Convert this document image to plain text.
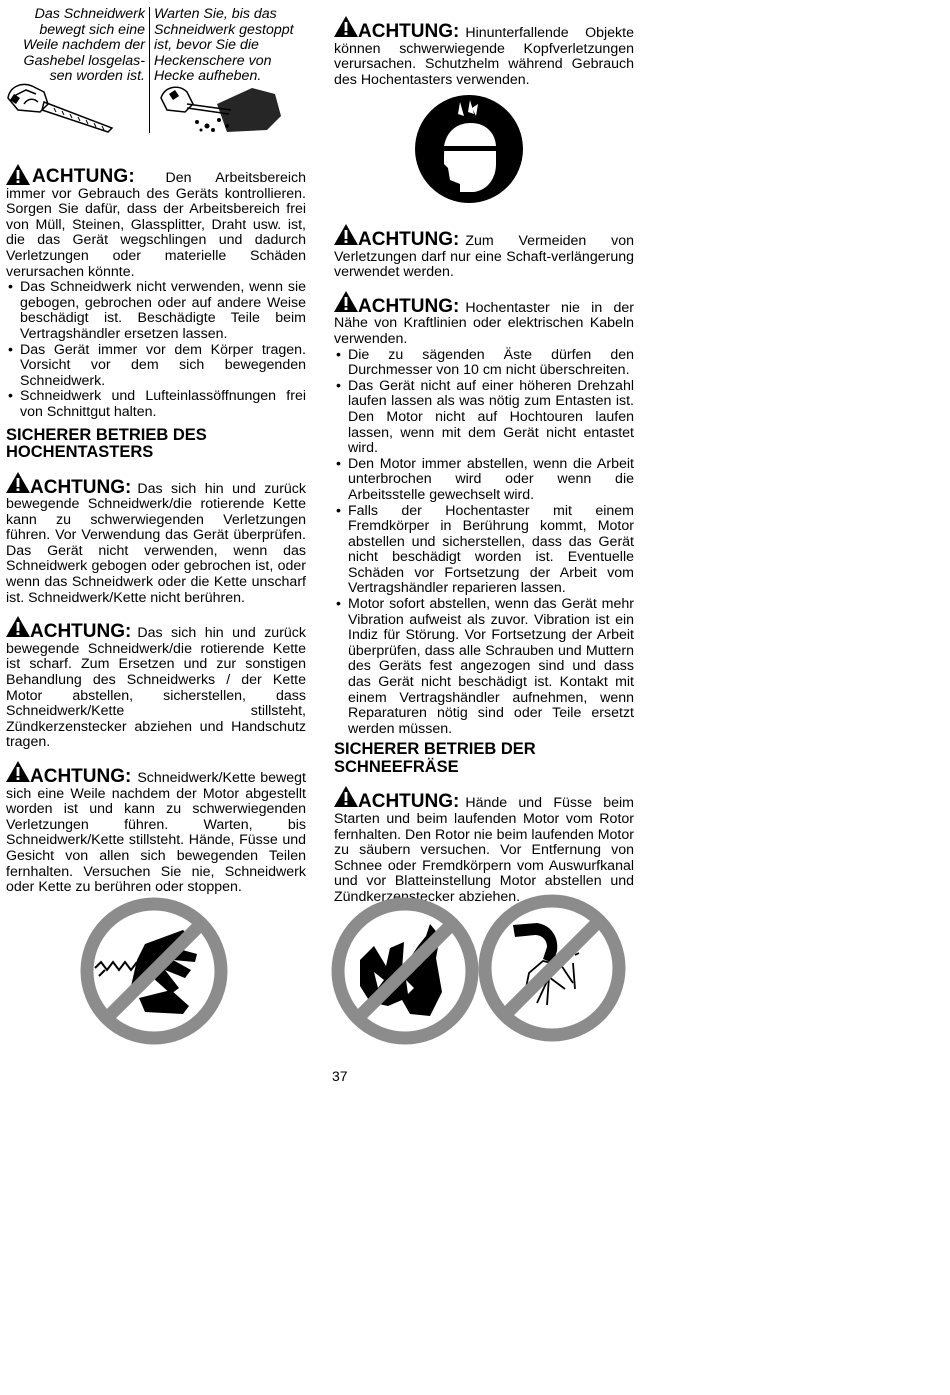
Das Schneidwerk
bewegt sich eine
Weile nachdem der
Gashebel losgelas-
sen worden ist.
Warten Sie, bis das
Schneidwerk gestoppt
ist, bevor Sie die
Heckenschere von
Hecke aufheben.
ACHTUNG: Den Arbeitsbereich immer vor Gebrauch des Geräts kontrollieren. Sorgen Sie dafür, dass der Arbeitsbereich frei von Müll, Steinen, Glassplitter, Draht usw. ist, die das Gerät wegschlingen und dadurch Verletzungen oder materielle Schäden verursachen könnte.
• Das Schneidwerk nicht verwenden, wenn sie gebogen, gebrochen oder auf andere Weise beschädigt ist. Beschädigte Teile beim Vertragshändler ersetzen lassen.
• Das Gerät immer vor dem Körper tragen. Vorsicht vor dem sich bewegenden Schneidwerk.
• Schneidwerk und Lufteinlassöffnungen frei von Schnittgut halten.
SICHERER BETRIEB DES
HOCHENTASTERS
ACHTUNG: Das sich hin und zurück bewegende Schneidwerk/die rotierende Kette kann zu schwerwiegenden Verletzungen führen. Vor Verwendung das Gerät überprüfen. Das Gerät nicht verwenden, wenn das Schneidwerk gebogen oder gebrochen ist, oder wenn das Schneidwerk oder die Kette unscharf ist. Schneidwerk/Kette nicht berühren.
ACHTUNG: Das sich hin und zurück bewegende Schneidwerk/die rotierende Kette ist scharf. Zum Ersetzen und zur sonstigen Behandlung des Schneidwerks / der Kette Motor abstellen, sicherstellen, dass Schneidwerk/Kette stillsteht, Zündkerzenstecker abziehen und Handschutz tragen.
ACHTUNG: Schneidwerk/Kette bewegt sich eine Weile nachdem der Motor abgestellt worden ist und kann zu schwerwiegenden Verletzungen führen. Warten, bis Schneidwerk/Kette stillsteht. Hände, Füsse und Gesicht von allen sich bewegenden Teilen fernhalten. Versuchen Sie nie, Schneidwerk oder Kette zu berühren oder stoppen.
ACHTUNG: Hinunterfallende Objekte können schwerwiegende Kopfverletzungen verursachen. Schutzhelm während Gebrauch des Hochentasters verwenden.
ACHTUNG: Zum Vermeiden von Verletzungen darf nur eine Schaft-verlängerung verwendet werden.
ACHTUNG: Hochentaster nie in der Nähe von Kraftlinien oder elektrischen Kabeln verwenden.
• Die zu sägenden Äste dürfen den Durchmesser von 10 cm nicht überschreiten.
• Das Gerät nicht auf einer höheren Drehzahl laufen lassen als was nötig zum Entasten ist. Den Motor nicht auf Hochtouren laufen lassen, wenn mit dem Gerät nicht entastet wird.
• Den Motor immer abstellen, wenn die Arbeit unterbrochen wird oder wenn die Arbeitsstelle gewechselt wird.
• Falls der Hochentaster mit einem Fremdkörper in Berührung kommt, Motor abstellen und sicherstellen, dass das Gerät nicht beschädigt worden ist. Eventuelle Schäden vor Fortsetzung der Arbeit vom Vertragshändler reparieren lassen.
• Motor sofort abstellen, wenn das Gerät mehr Vibration aufweist als zuvor. Vibration ist ein Indiz für Störung. Vor Fortsetzung der Arbeit überprüfen, dass alle Schrauben und Muttern des Geräts fest angezogen sind und dass das Gerät nicht beschädigt ist. Kontakt mit einem Vertragshändler aufnehmen, wenn Reparaturen nötig sind oder Teile ersetzt werden müssen.
SICHERER BETRIEB DER
SCHNEEFRÄSE
ACHTUNG: Hände und Füsse beim Starten und beim laufenden Motor vom Rotor fernhalten. Den Rotor nie beim laufenden Motor zu säubern versuchen. Vor Entfernung von Schnee oder Fremdkörpern vom Auswurfkanal und vor Blatteinstellung Motor abstellen und Zündkerzenstecker abziehen.
37
